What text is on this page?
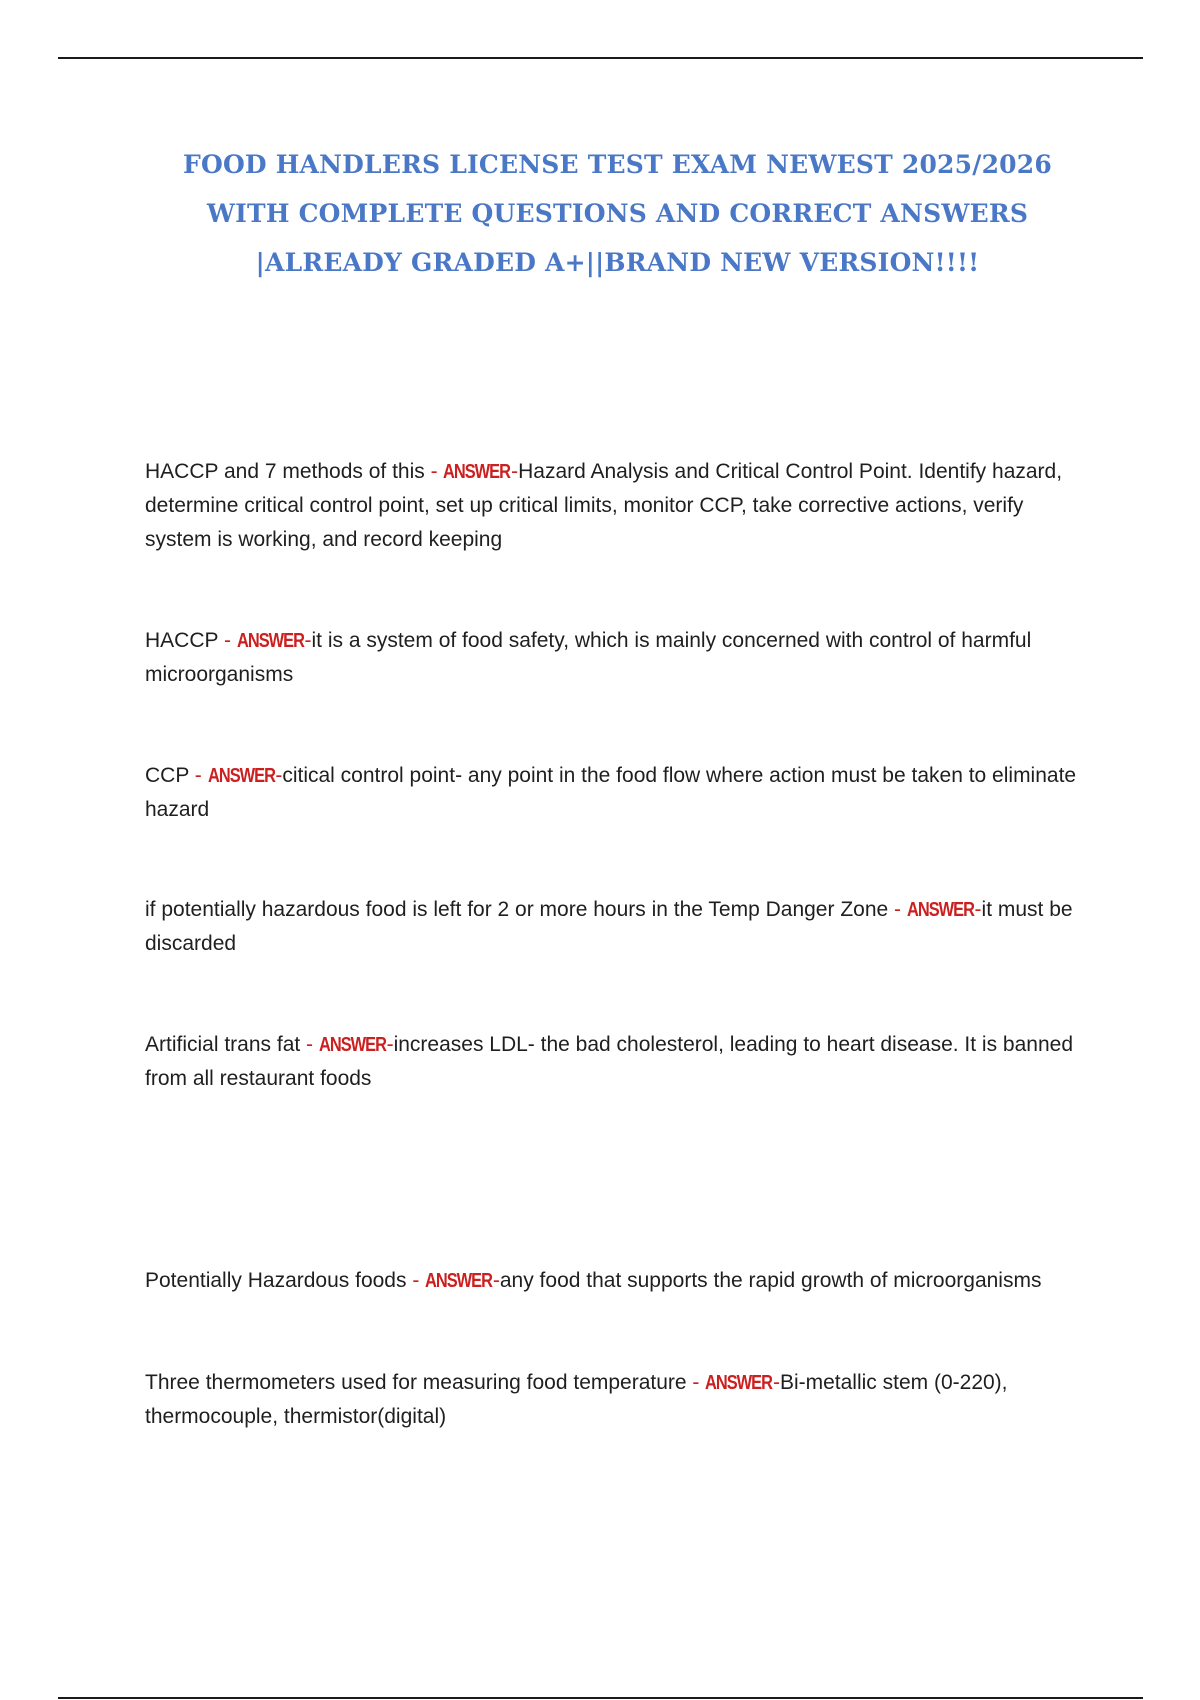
FOOD HANDLERS LICENSE TEST EXAM NEWEST 2025/2026 WITH COMPLETE QUESTIONS AND CORRECT ANSWERS |ALREADY GRADED A+||BRAND NEW VERSION!!!!

HACCP and 7 methods of this - ANSWER-Hazard Analysis and Critical Control Point. Identify hazard, determine critical control point, set up critical limits, monitor CCP, take corrective actions, verify system is working, and record keeping

HACCP - ANSWER-it is a system of food safety, which is mainly concerned with control of harmful microorganisms

CCP - ANSWER-citical control point- any point in the food flow where action must be taken to eliminate hazard

if potentially hazardous food is left for 2 or more hours in the Temp Danger Zone - ANSWER-it must be discarded

Artificial trans fat - ANSWER-increases LDL- the bad cholesterol, leading to heart disease. It is banned from all restaurant foods

Potentially Hazardous foods - ANSWER-any food that supports the rapid growth of microorganisms

Three thermometers used for measuring food temperature - ANSWER-Bi-metallic stem (0-220), thermocouple, thermistor(digital)
